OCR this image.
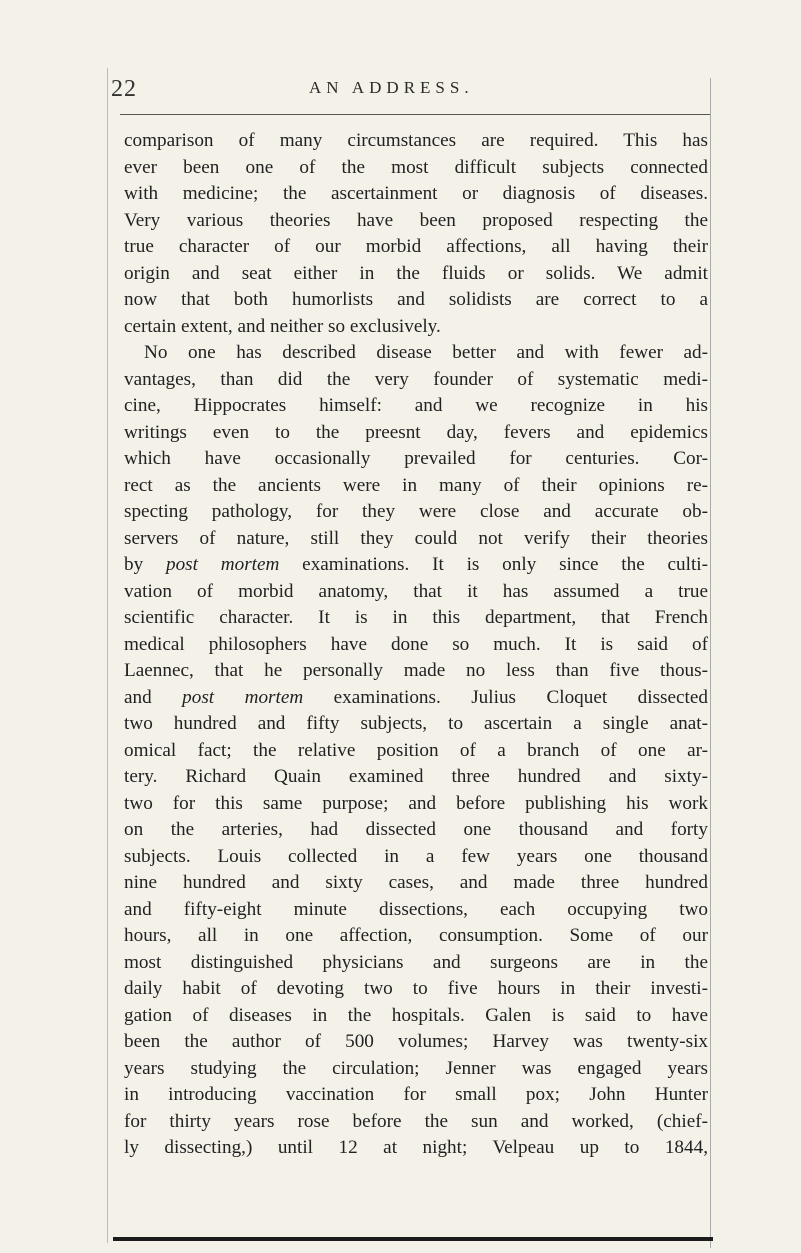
22	AN ADDRESS.
comparison of many circumstances are required. This has
ever been one of the most difficult subjects connected
with medicine; the ascertainment or diagnosis of diseases.
Very various theories have been proposed respecting the
true character of our morbid affections, all having their
origin and seat either in the fluids or solids. We admit
now that both humorlists and solidists are correct to a
certain extent, and neither so exclusively.
No one has described disease better and with fewer ad-
vantages, than did the very founder of systematic medi-
cine, Hippocrates himself: and we recognize in his
writings even to the preesnt day, fevers and epidemics
which have occasionally prevailed for centuries. Cor-
rect as the ancients were in many of their opinions re-
specting pathology, for they were close and accurate ob-
servers of nature, still they could not verify their theories
by post mortem examinations. It is only since the culti-
vation of morbid anatomy, that it has assumed a true
scientific character. It is in this department, that French
medical philosophers have done so much. It is said of
Laennec, that he personally made no less than five thous-
and post mortem examinations. Julius Cloquet dissected
two hundred and fifty subjects, to ascertain a single anat-
omical fact; the relative position of a branch of one ar-
tery. Richard Quain examined three hundred and sixty-
two for this same purpose; and before publishing his work
on the arteries, had dissected one thousand and forty
subjects. Louis collected in a few years one thousand
nine hundred and sixty cases, and made three hundred
and fifty-eight minute dissections, each occupying two
hours, all in one affection, consumption. Some of our
most distinguished physicians and surgeons are in the
daily habit of devoting two to five hours in their investi-
gation of diseases in the hospitals. Galen is said to have
been the author of 500 volumes; Harvey was twenty-six
years studying the circulation; Jenner was engaged years
in introducing vaccination for small pox; John Hunter
for thirty years rose before the sun and worked, (chief-
ly dissecting,) until 12 at night; Velpeau up to 1844,
